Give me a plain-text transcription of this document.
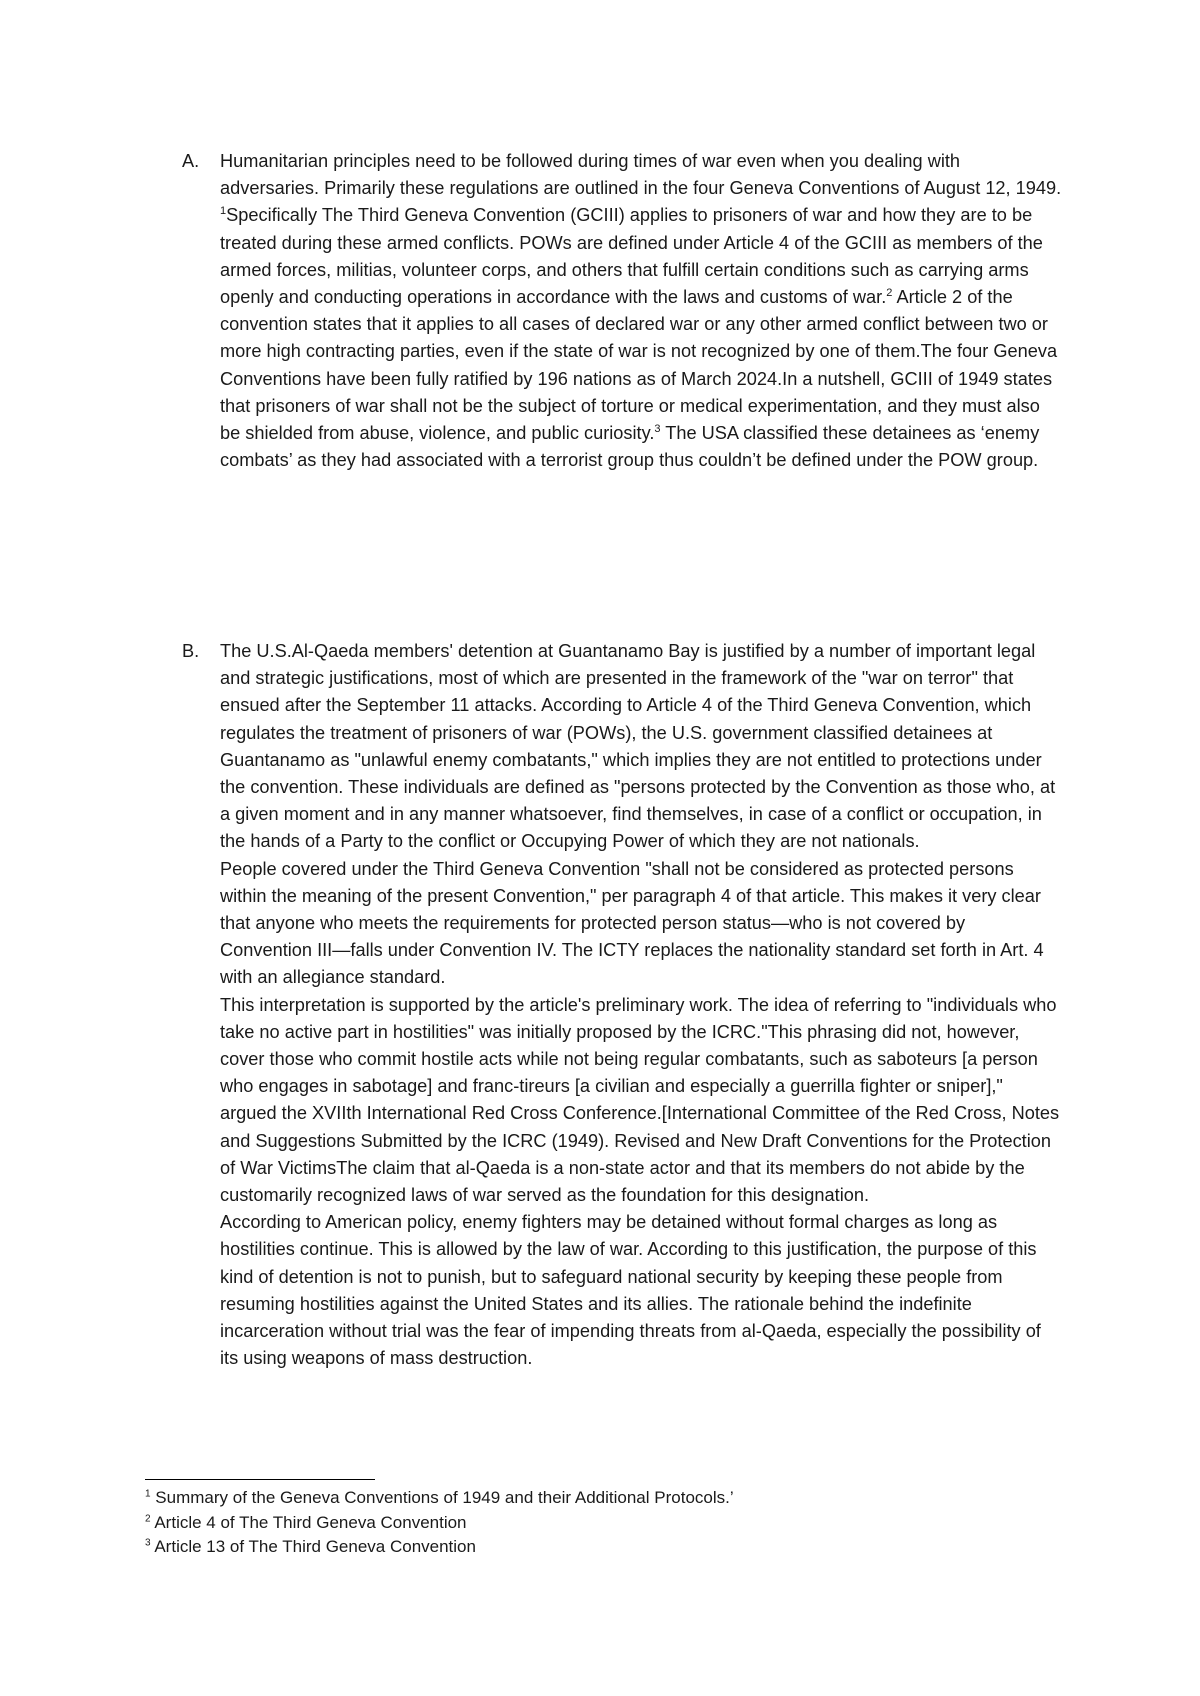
A.	Humanitarian principles need to be followed during times of war even when you dealing with adversaries. Primarily these regulations are outlined in the four Geneva Conventions of August 12, 1949. $^1$Specifically The Third Geneva Convention (GCIII) applies to prisoners of war and how they are to be treated during these armed conflicts. POWs are defined under Article 4 of the GCIII as members of the armed forces, militias, volunteer corps, and others that fulfill certain conditions such as carrying arms openly and conducting operations in accordance with the laws and customs of war.$^2$ Article 2 of the convention states that it applies to all cases of declared war or any other armed conflict between two or more high contracting parties, even if the state of war is not recognized by one of them.The four Geneva Conventions have been fully ratified by 196 nations as of March 2024.In a nutshell, GCIII of 1949 states that prisoners of war shall not be the subject of torture or medical experimentation, and they must also be shielded from abuse, violence, and public curiosity.$^3$ The USA classified these detainees as ‘enemy combats’ as they had associated with a terrorist group thus couldn’t be defined under the POW group.
B.	The U.S.Al-Qaeda members' detention at Guantanamo Bay is justified by a number of important legal and strategic justifications, most of which are presented in the framework of the "war on terror" that ensued after the September 11 attacks. According to Article 4 of the Third Geneva Convention, which regulates the treatment of prisoners of war (POWs), the U.S. government classified detainees at Guantanamo as "unlawful enemy combatants," which implies they are not entitled to protections under the convention. These individuals are defined as "persons protected by the Convention as those who, at a given moment and in any manner whatsoever, find themselves, in case of a conflict or occupation, in the hands of a Party to the conflict or Occupying Power of which they are not nationals.

People covered under the Third Geneva Convention "shall not be considered as protected persons within the meaning of the present Convention," per paragraph 4 of that article. This makes it very clear that anyone who meets the requirements for protected person status—who is not covered by Convention III—falls under Convention IV. The ICTY replaces the nationality standard set forth in Art. 4 with an allegiance standard.

This interpretation is supported by the article's preliminary work. The idea of referring to "individuals who take no active part in hostilities" was initially proposed by the ICRC."This phrasing did not, however, cover those who commit hostile acts while not being regular combatants, such as saboteurs [a person who engages in sabotage] and franc-tireurs [a civilian and especially a guerrilla fighter or sniper]," argued the XVIIth International Red Cross Conference.[International Committee of the Red Cross, Notes and Suggestions Submitted by the ICRC (1949). Revised and New Draft Conventions for the Protection of War VictimsThe claim that al-Qaeda is a non-state actor and that its members do not abide by the customarily recognized laws of war served as the foundation for this designation.

According to American policy, enemy fighters may be detained without formal charges as long as hostilities continue. This is allowed by the law of war. According to this justification, the purpose of this kind of detention is not to punish, but to safeguard national security by keeping these people from resuming hostilities against the United States and its allies. The rationale behind the indefinite incarceration without trial was the fear of impending threats from al-Qaeda, especially the possibility of its using weapons of mass destruction.

$^1$ Summary of the Geneva Conventions of 1949 and their Additional Protocols.’
$^2$ Article 4 of The Third Geneva Convention
$^3$ Article 13 of The Third Geneva Convention
